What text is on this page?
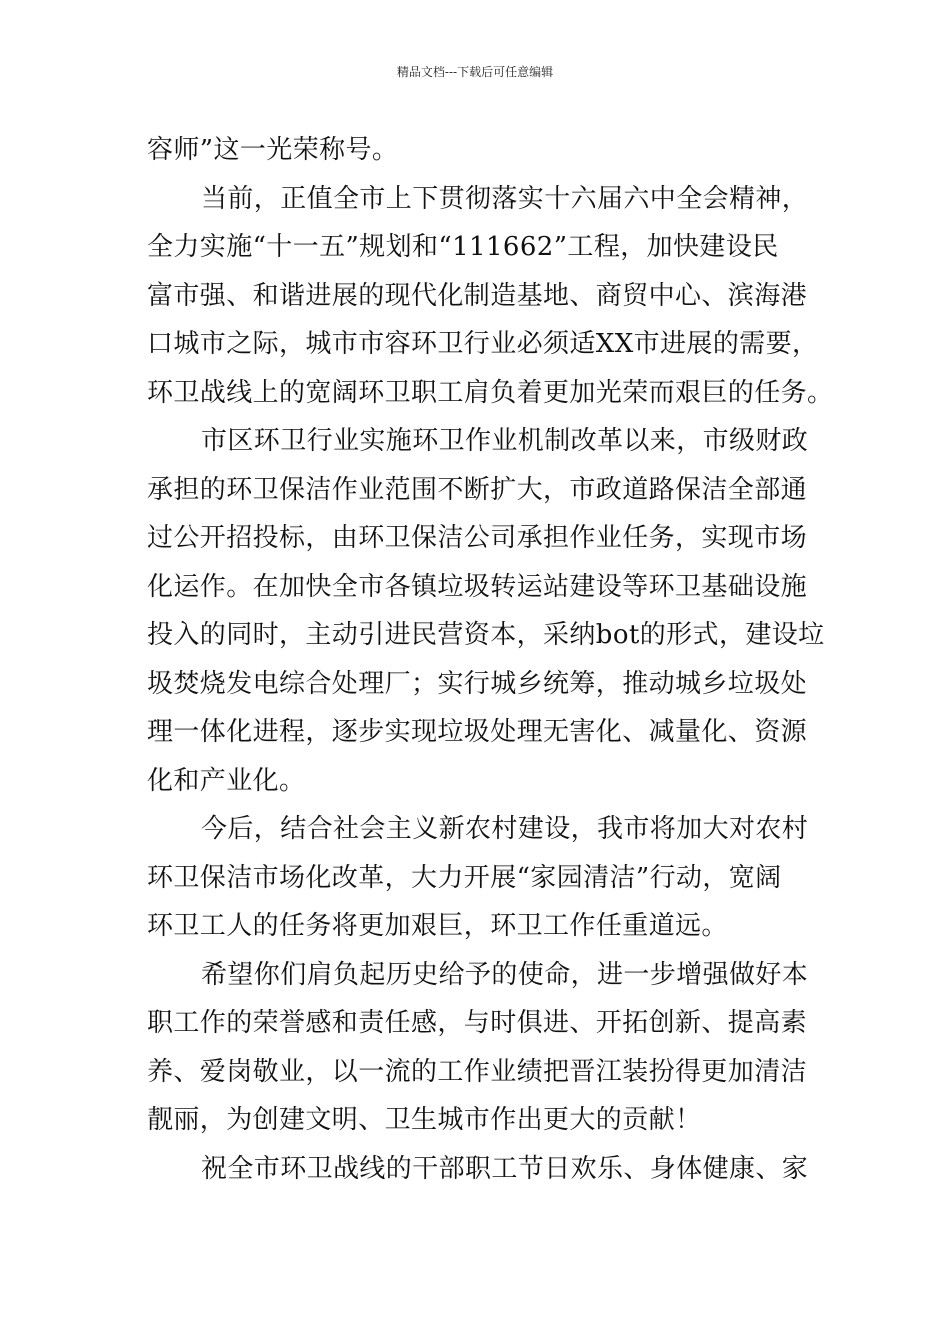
精品文档---下载后可任意编辑
容师”这一光荣称号。
当前，正值全市上下贯彻落实十六届六中全会精神，
全力实施“十一五”规划和“111662”工程，加快建设民
富市强、和谐进展的现代化制造基地、商贸中心、滨海港
口城市之际，城市市容环卫行业必须适XX市进展的需要，
环卫战线上的宽阔环卫职工肩负着更加光荣而艰巨的任务。
市区环卫行业实施环卫作业机制改革以来，市级财政
承担的环卫保洁作业范围不断扩大，市政道路保洁全部通
过公开招投标，由环卫保洁公司承担作业任务，实现市场
化运作。在加快全市各镇垃圾转运站建设等环卫基础设施
投入的同时，主动引进民营资本，采纳bot的形式，建设垃
圾焚烧发电综合处理厂；实行城乡统筹，推动城乡垃圾处
理一体化进程，逐步实现垃圾处理无害化、减量化、资源
化和产业化。
今后，结合社会主义新农村建设，我市将加大对农村
环卫保洁市场化改革，大力开展“家园清洁”行动，宽阔
环卫工人的任务将更加艰巨，环卫工作任重道远。
希望你们肩负起历史给予的使命，进一步增强做好本
职工作的荣誉感和责任感，与时俱进、开拓创新、提高素
养、爱岗敬业，以一流的工作业绩把晋江装扮得更加清洁
靓丽，为创建文明、卫生城市作出更大的贡献！
祝全市环卫战线的干部职工节日欢乐、身体健康、家
